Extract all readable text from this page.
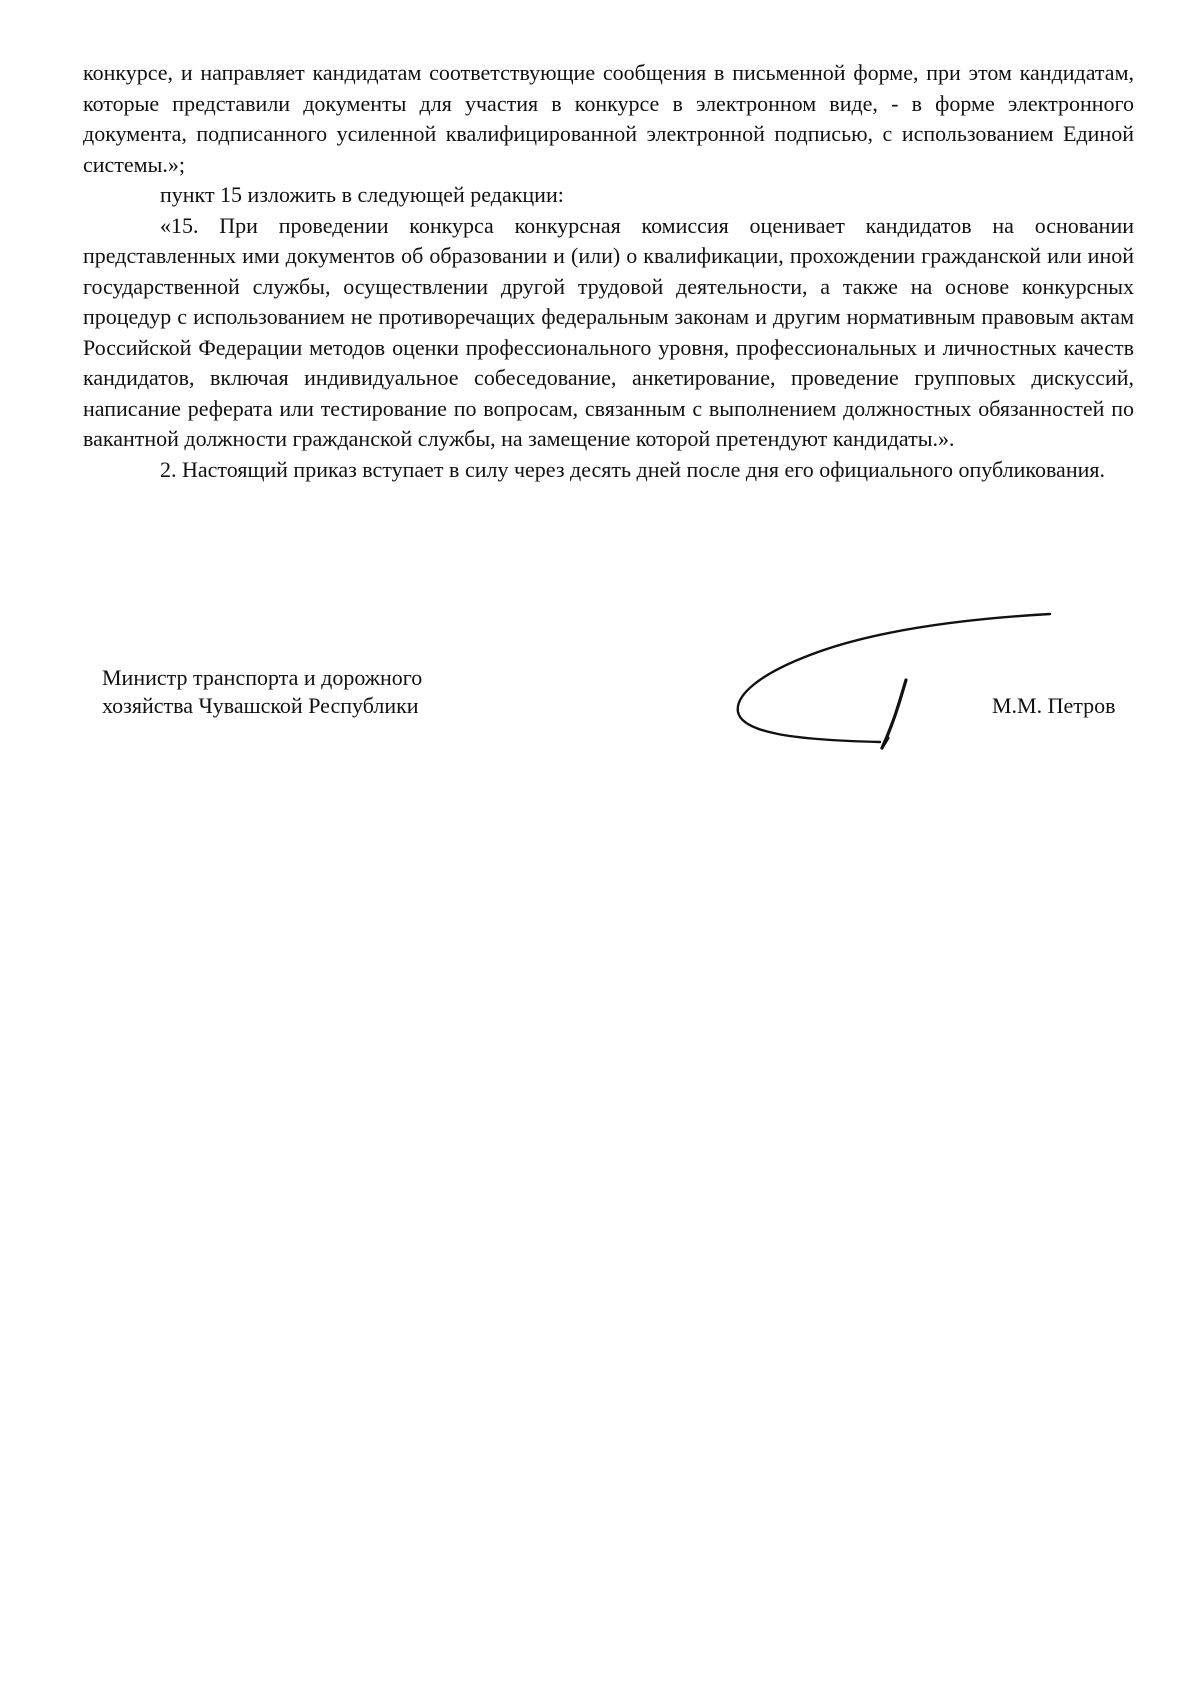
конкурсе, и направляет кандидатам соответствующие сообщения в письменной форме, при этом кандидатам, которые представили документы для участия в конкурсе в электронном виде, - в форме электронного документа, подписанного усиленной квалифицированной электронной подписью, с использованием Единой системы.»;

пункт 15 изложить в следующей редакции:

«15. При проведении конкурса конкурсная комиссия оценивает кандидатов на основании представленных ими документов об образовании и (или) о квалификации, прохождении гражданской или иной государственной службы, осуществлении другой трудовой деятельности, а также на основе конкурсных процедур с использованием не противоречащих федеральным законам и другим нормативным правовым актам Российской Федерации методов оценки профессионального уровня, профессиональных и личностных качеств кандидатов, включая индивидуальное собеседование, анкетирование, проведение групповых дискуссий, написание реферата или тестирование по вопросам, связанным с выполнением должностных обязанностей по вакантной должности гражданской службы, на замещение которой претендуют кандидаты.».

2. Настоящий приказ вступает в силу через десять дней после дня его официального опубликования.

Министр транспорта и дорожного
хозяйства Чувашской Республики	М.М. Петров
